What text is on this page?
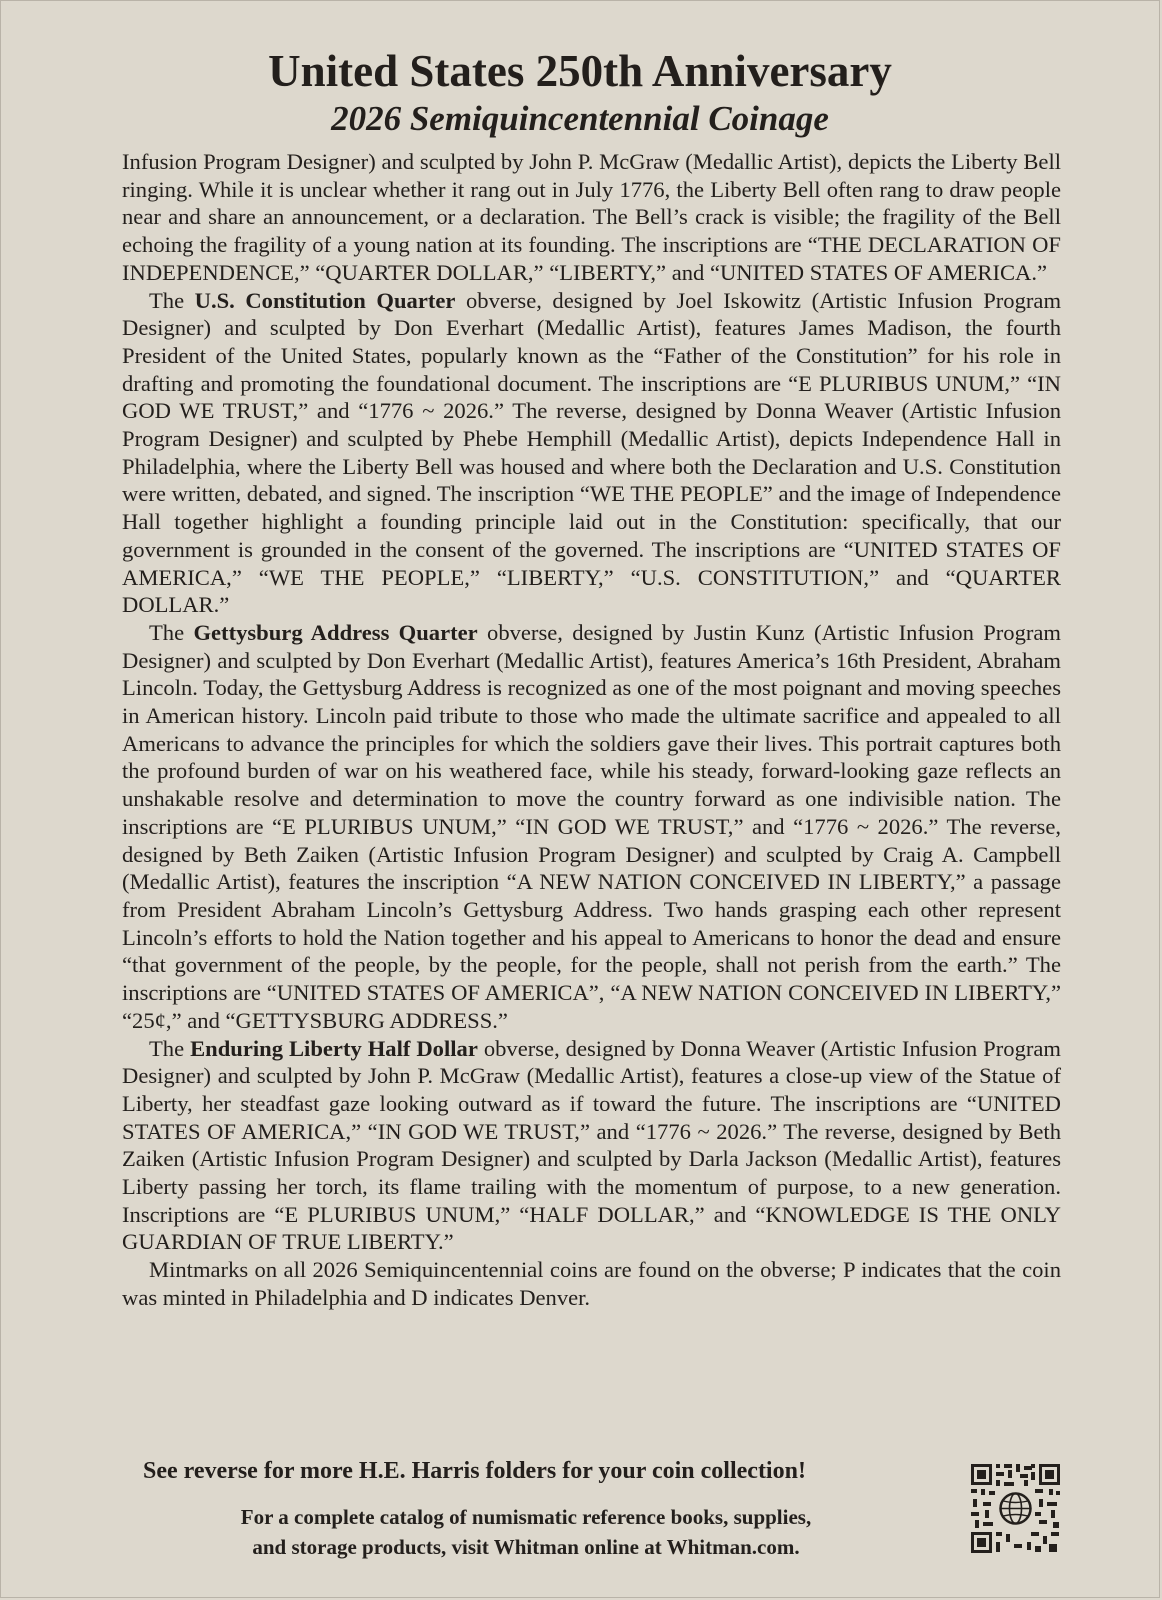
United States 250th Anniversary
2026 Semiquincentennial Coinage

Infusion Program Designer) and sculpted by John P. McGraw (Medallic Artist), depicts the Liberty Bell ringing. While it is unclear whether it rang out in July 1776, the Liberty Bell often rang to draw people near and share an announcement, or a declaration. The Bell’s crack is visible; the fragility of the Bell echoing the fragility of a young nation at its founding. The inscriptions are “THE DECLARATION OF INDEPENDENCE,” “QUARTER DOLLAR,” “LIBERTY,” and “UNITED STATES OF AMERICA.”

The U.S. Constitution Quarter obverse, designed by Joel Iskowitz (Artistic Infusion Program Designer) and sculpted by Don Everhart (Medallic Artist), features James Madison, the fourth President of the United States, popularly known as the “Father of the Constitution” for his role in drafting and promoting the foundational document. The inscriptions are “E PLURIBUS UNUM,” “IN GOD WE TRUST,” and “1776 ~ 2026.” The reverse, designed by Donna Weaver (Artistic Infusion Program Designer) and sculpted by Phebe Hemphill (Medallic Artist), depicts Independence Hall in Philadelphia, where the Liberty Bell was housed and where both the Declaration and U.S. Constitution were written, debated, and signed. The inscription “WE THE PEOPLE” and the image of Independence Hall together highlight a founding principle laid out in the Constitution: specifically, that our government is grounded in the consent of the governed. The inscriptions are “UNITED STATES OF AMERICA,” “WE THE PEOPLE,” “LIBERTY,” “U.S. CONSTITUTION,” and “QUARTER DOLLAR.”

The Gettysburg Address Quarter obverse, designed by Justin Kunz (Artistic Infusion Program Designer) and sculpted by Don Everhart (Medallic Artist), features America’s 16th President, Abraham Lincoln. Today, the Gettysburg Address is recognized as one of the most poignant and moving speeches in American history. Lincoln paid tribute to those who made the ultimate sacrifice and appealed to all Americans to advance the principles for which the soldiers gave their lives. This portrait captures both the profound burden of war on his weathered face, while his steady, forward-looking gaze reflects an unshakable resolve and determination to move the country forward as one indivisible nation. The inscriptions are “E PLURIBUS UNUM,” “IN GOD WE TRUST,” and “1776 ~ 2026.” The reverse, designed by Beth Zaiken (Artistic Infusion Program Designer) and sculpted by Craig A. Campbell (Medallic Artist), features the inscription “A NEW NATION CONCEIVED IN LIBERTY,” a passage from President Abraham Lincoln’s Gettysburg Address. Two hands grasping each other represent Lincoln’s efforts to hold the Nation together and his appeal to Americans to honor the dead and ensure “that government of the people, by the people, for the people, shall not perish from the earth.” The inscriptions are “UNITED STATES OF AMERICA”, “A NEW NATION CONCEIVED IN LIBERTY,” “25¢,” and “GETTYSBURG ADDRESS.”

The Enduring Liberty Half Dollar obverse, designed by Donna Weaver (Artistic Infusion Program Designer) and sculpted by John P. McGraw (Medallic Artist), features a close-up view of the Statue of Liberty, her steadfast gaze looking outward as if toward the future. The inscriptions are “UNITED STATES OF AMERICA,” “IN GOD WE TRUST,” and “1776 ~ 2026.” The reverse, designed by Beth Zaiken (Artistic Infusion Program Designer) and sculpted by Darla Jackson (Medallic Artist), features Liberty passing her torch, its flame trailing with the momentum of purpose, to a new generation. Inscriptions are “E PLURIBUS UNUM,” “HALF DOLLAR,” and “KNOWLEDGE IS THE ONLY GUARDIAN OF TRUE LIBERTY.”

Mintmarks on all 2026 Semiquincentennial coins are found on the obverse; P indicates that the coin was minted in Philadelphia and D indicates Denver.

See reverse for more H.E. Harris folders for your coin collection!
For a complete catalog of numismatic reference books, supplies,
and storage products, visit Whitman online at Whitman.com.
